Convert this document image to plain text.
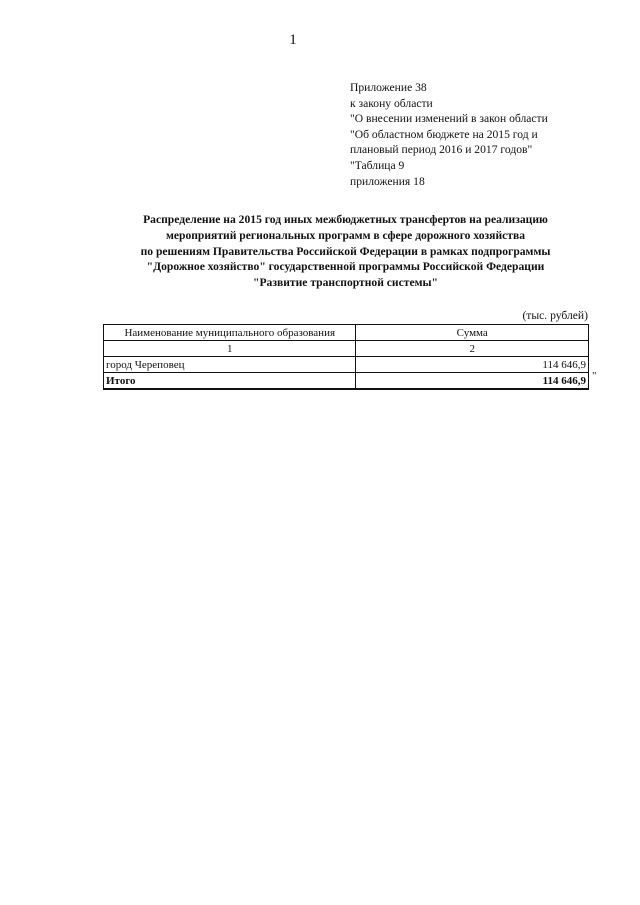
1
Приложение 38
к закону области
"О внесении изменений в закон области
"Об областном бюджете на 2015 год и
плановый период 2016 и 2017 годов"
"Таблица 9
приложения 18
Распределение на 2015 год иных межбюджетных трансфертов на реализацию
мероприятий региональных программ в сфере дорожного хозяйства
по решениям Правительства Российской Федерации в рамках подпрограммы
"Дорожное хозяйство" государственной программы Российской Федерации
"Развитие транспортной системы"
(тыс. рублей)
Наименование муниципального образования	Сумма
1	2
город Череповец	114 646,9
Итого	114 646,9 "
